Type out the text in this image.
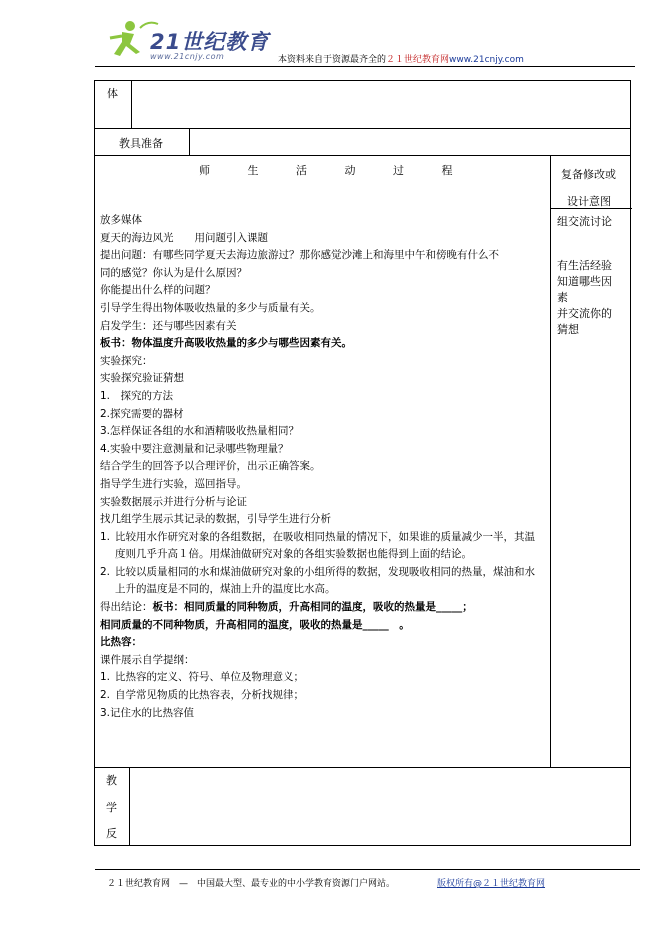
21世纪教育
www.21cnjy.com	本资料来自于资源最齐全的２１世纪教育网www.21cnjy.com
体
教具准备
师	生	活	动	过	程	复备修改或
设计意图
放多媒体
夏天的海边风光　　用问题引入课题
提出问题：有哪些同学夏天去海边旅游过？那你感觉沙滩上和海里中午和傍晚有什么不
同的感觉？你认为是什么原因？
你能提出什么样的问题？
引导学生得出物体吸收热量的多少与质量有关。
启发学生：还与哪些因素有关
板书：物体温度升高吸收热量的多少与哪些因素有关。
实验探究：
实验探究验证猜想
1.　探究的方法
2.探究需要的器材
3.怎样保证各组的水和酒精吸收热量相同？
4.实验中要注意测量和记录哪些物理量？
结合学生的回答予以合理评价，出示正确答案。
指导学生进行实验，巡回指导。
实验数据展示并进行分析与论证
找几组学生展示其记录的数据，引导学生进行分析
1. 比较用水作研究对象的各组数据，在吸收相同热量的情况下，如果谁的质量减少一半，其温度则几乎升高１倍。用煤油做研究对象的各组实验数据也能得到上面的结论。
2. 比较以质量相同的水和煤油做研究对象的小组所得的数据，发现吸收相同的热量，煤油和水上升的温度是不同的，煤油上升的温度比水高。
得出结论：板书：相同质量的同种物质，升高相同的温度，吸收的热量是_____；
相同质量的不同种物质，升高相同的温度，吸收的热量是_____　。
比热容：
课件展示自学提纲：
1. 比热容的定义、符号、单位及物理意义；
2. 自学常见物质的比热容表，分析找规律；
3.记住水的比热容值
组交流讨论
有生活经验
知道哪些因
素
并交流你的
猜想
教
学
反
２１世纪教育网　—　中国最大型、最专业的中小学教育资源门户网站。	版权所有@２１世纪教育网
